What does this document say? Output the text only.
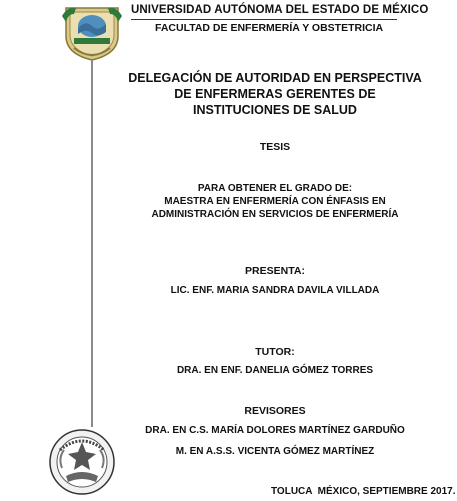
UNIVERSIDAD AUTÓNOMA DEL ESTADO DE MÉXICO
FACULTAD DE ENFERMERÍA Y OBSTETRICIA
DELEGACIÓN DE AUTORIDAD EN PERSPECTIVA
DE ENFERMERAS GERENTES DE
INSTITUCIONES DE SALUD
TESIS
PARA OBTENER EL GRADO DE:
MAESTRA EN ENFERMERÍA CON ÉNFASIS EN
ADMINISTRACIÓN EN SERVICIOS DE ENFERMERÍA
PRESENTA:
LIC. ENF. MARIA SANDRA DAVILA VILLADA
TUTOR:
DRA. EN ENF. DANELIA GÓMEZ TORRES
REVISORES
DRA. EN C.S. MARÍA DOLORES MARTÍNEZ GARDUÑO
M. EN A.S.S. VICENTA GÓMEZ MARTÍNEZ
TOLUCA  MÉXICO, SEPTIEMBRE 2017.
